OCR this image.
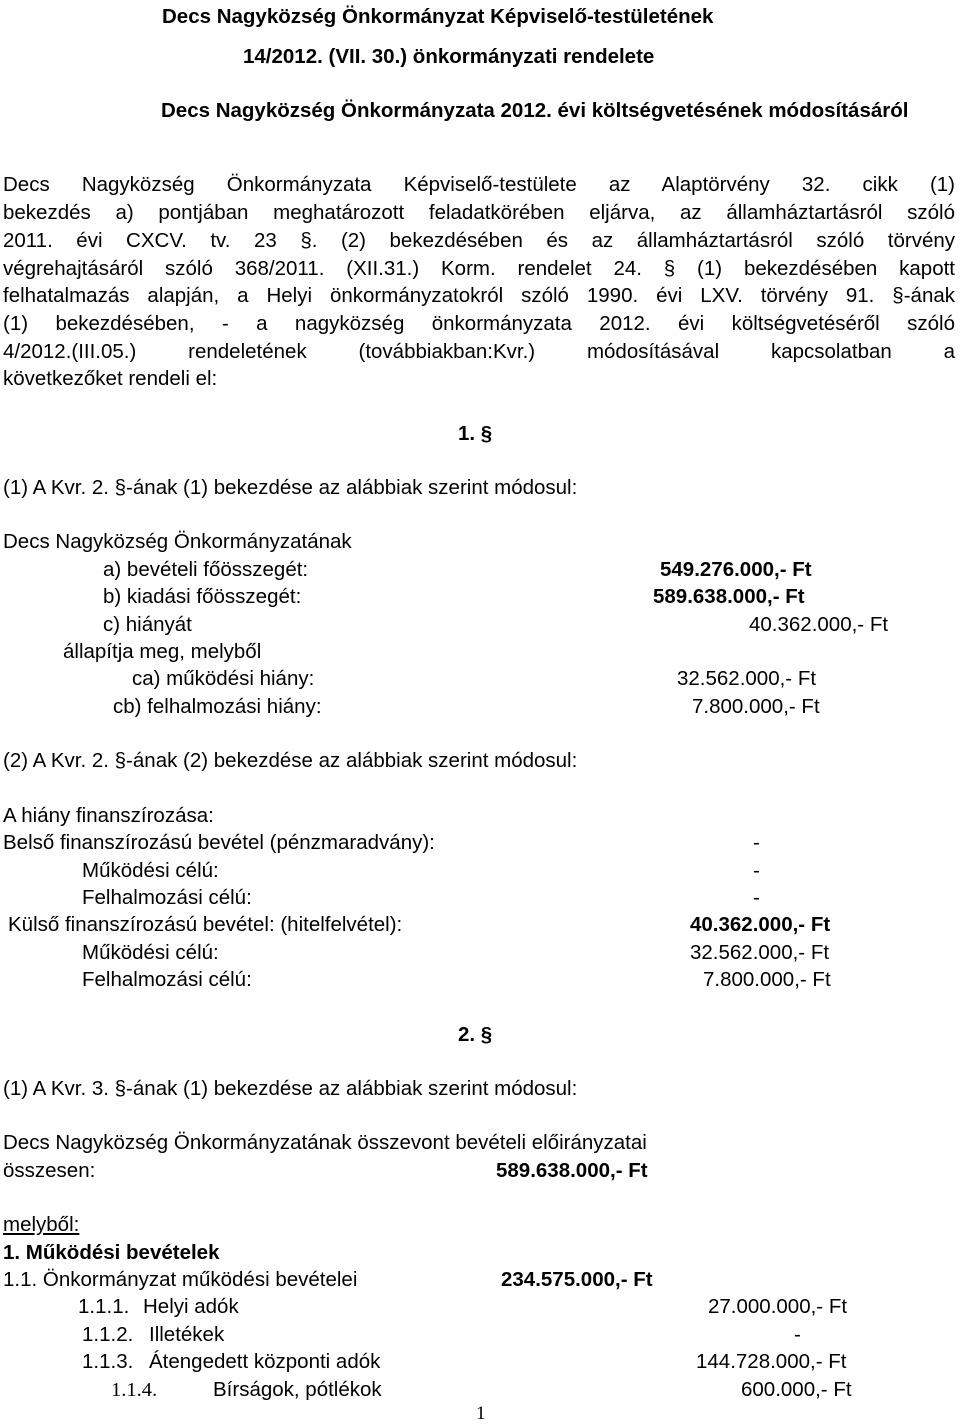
Decs Nagyközség Önkormányzat Képviselő-testületének
14/2012. (VII. 30.) önkormányzati rendelete
Decs Nagyközség Önkormányzata 2012. évi költségvetésének módosításáról
Decs Nagyközség Önkormányzata Képviselő-testülete az Alaptörvény 32. cikk (1)
bekezdés a) pontjában meghatározott feladatkörében eljárva, az államháztartásról szóló
2011. évi CXCV. tv. 23 §. (2) bekezdésében és az államháztartásról szóló törvény
végrehajtásáról szóló 368/2011. (XII.31.) Korm. rendelet 24. § (1) bekezdésében kapott
felhatalmazás alapján, a Helyi önkormányzatokról szóló 1990. évi LXV. törvény 91. §-ának
(1) bekezdésében, - a nagyközség önkormányzata 2012. évi költségvetéséről szóló
4/2012.(III.05.) rendeletének (továbbiakban:Kvr.) módosításával kapcsolatban a
következőket rendeli el:
1. §
(1) A Kvr. 2. §-ának (1) bekezdése az alábbiak szerint módosul:
Decs Nagyközség Önkormányzatának
a) bevételi főösszegét:	549.276.000,- Ft
b) kiadási főösszegét:	589.638.000,- Ft
c) hiányát	40.362.000,- Ft
állapítja meg, melyből
ca) működési hiány:	32.562.000,- Ft
cb) felhalmozási hiány:	7.800.000,- Ft
(2) A Kvr. 2. §-ának (2) bekezdése az alábbiak szerint módosul:
A hiány finanszírozása:
Belső finanszírozású bevétel (pénzmaradvány):	-
Működési célú:	-
Felhalmozási célú:	-
Külső finanszírozású bevétel: (hitelfelvétel):	40.362.000,- Ft
Működési célú:	32.562.000,- Ft
Felhalmozási célú:	7.800.000,- Ft
2. §
(1) A Kvr. 3. §-ának (1) bekezdése az alábbiak szerint módosul:
Decs Nagyközség Önkormányzatának összevont bevételi előirányzatai
összesen:	589.638.000,- Ft
melyből:
1. Működési bevételek
1.1. Önkormányzat működési bevételei	234.575.000,- Ft
1.1.1. Helyi adók	27.000.000,- Ft
1.1.2. Illetékek	-
1.1.3. Átengedett központi adók	144.728.000,- Ft
1.1.4.	Bírságok, pótlékok	600.000,- Ft
1
